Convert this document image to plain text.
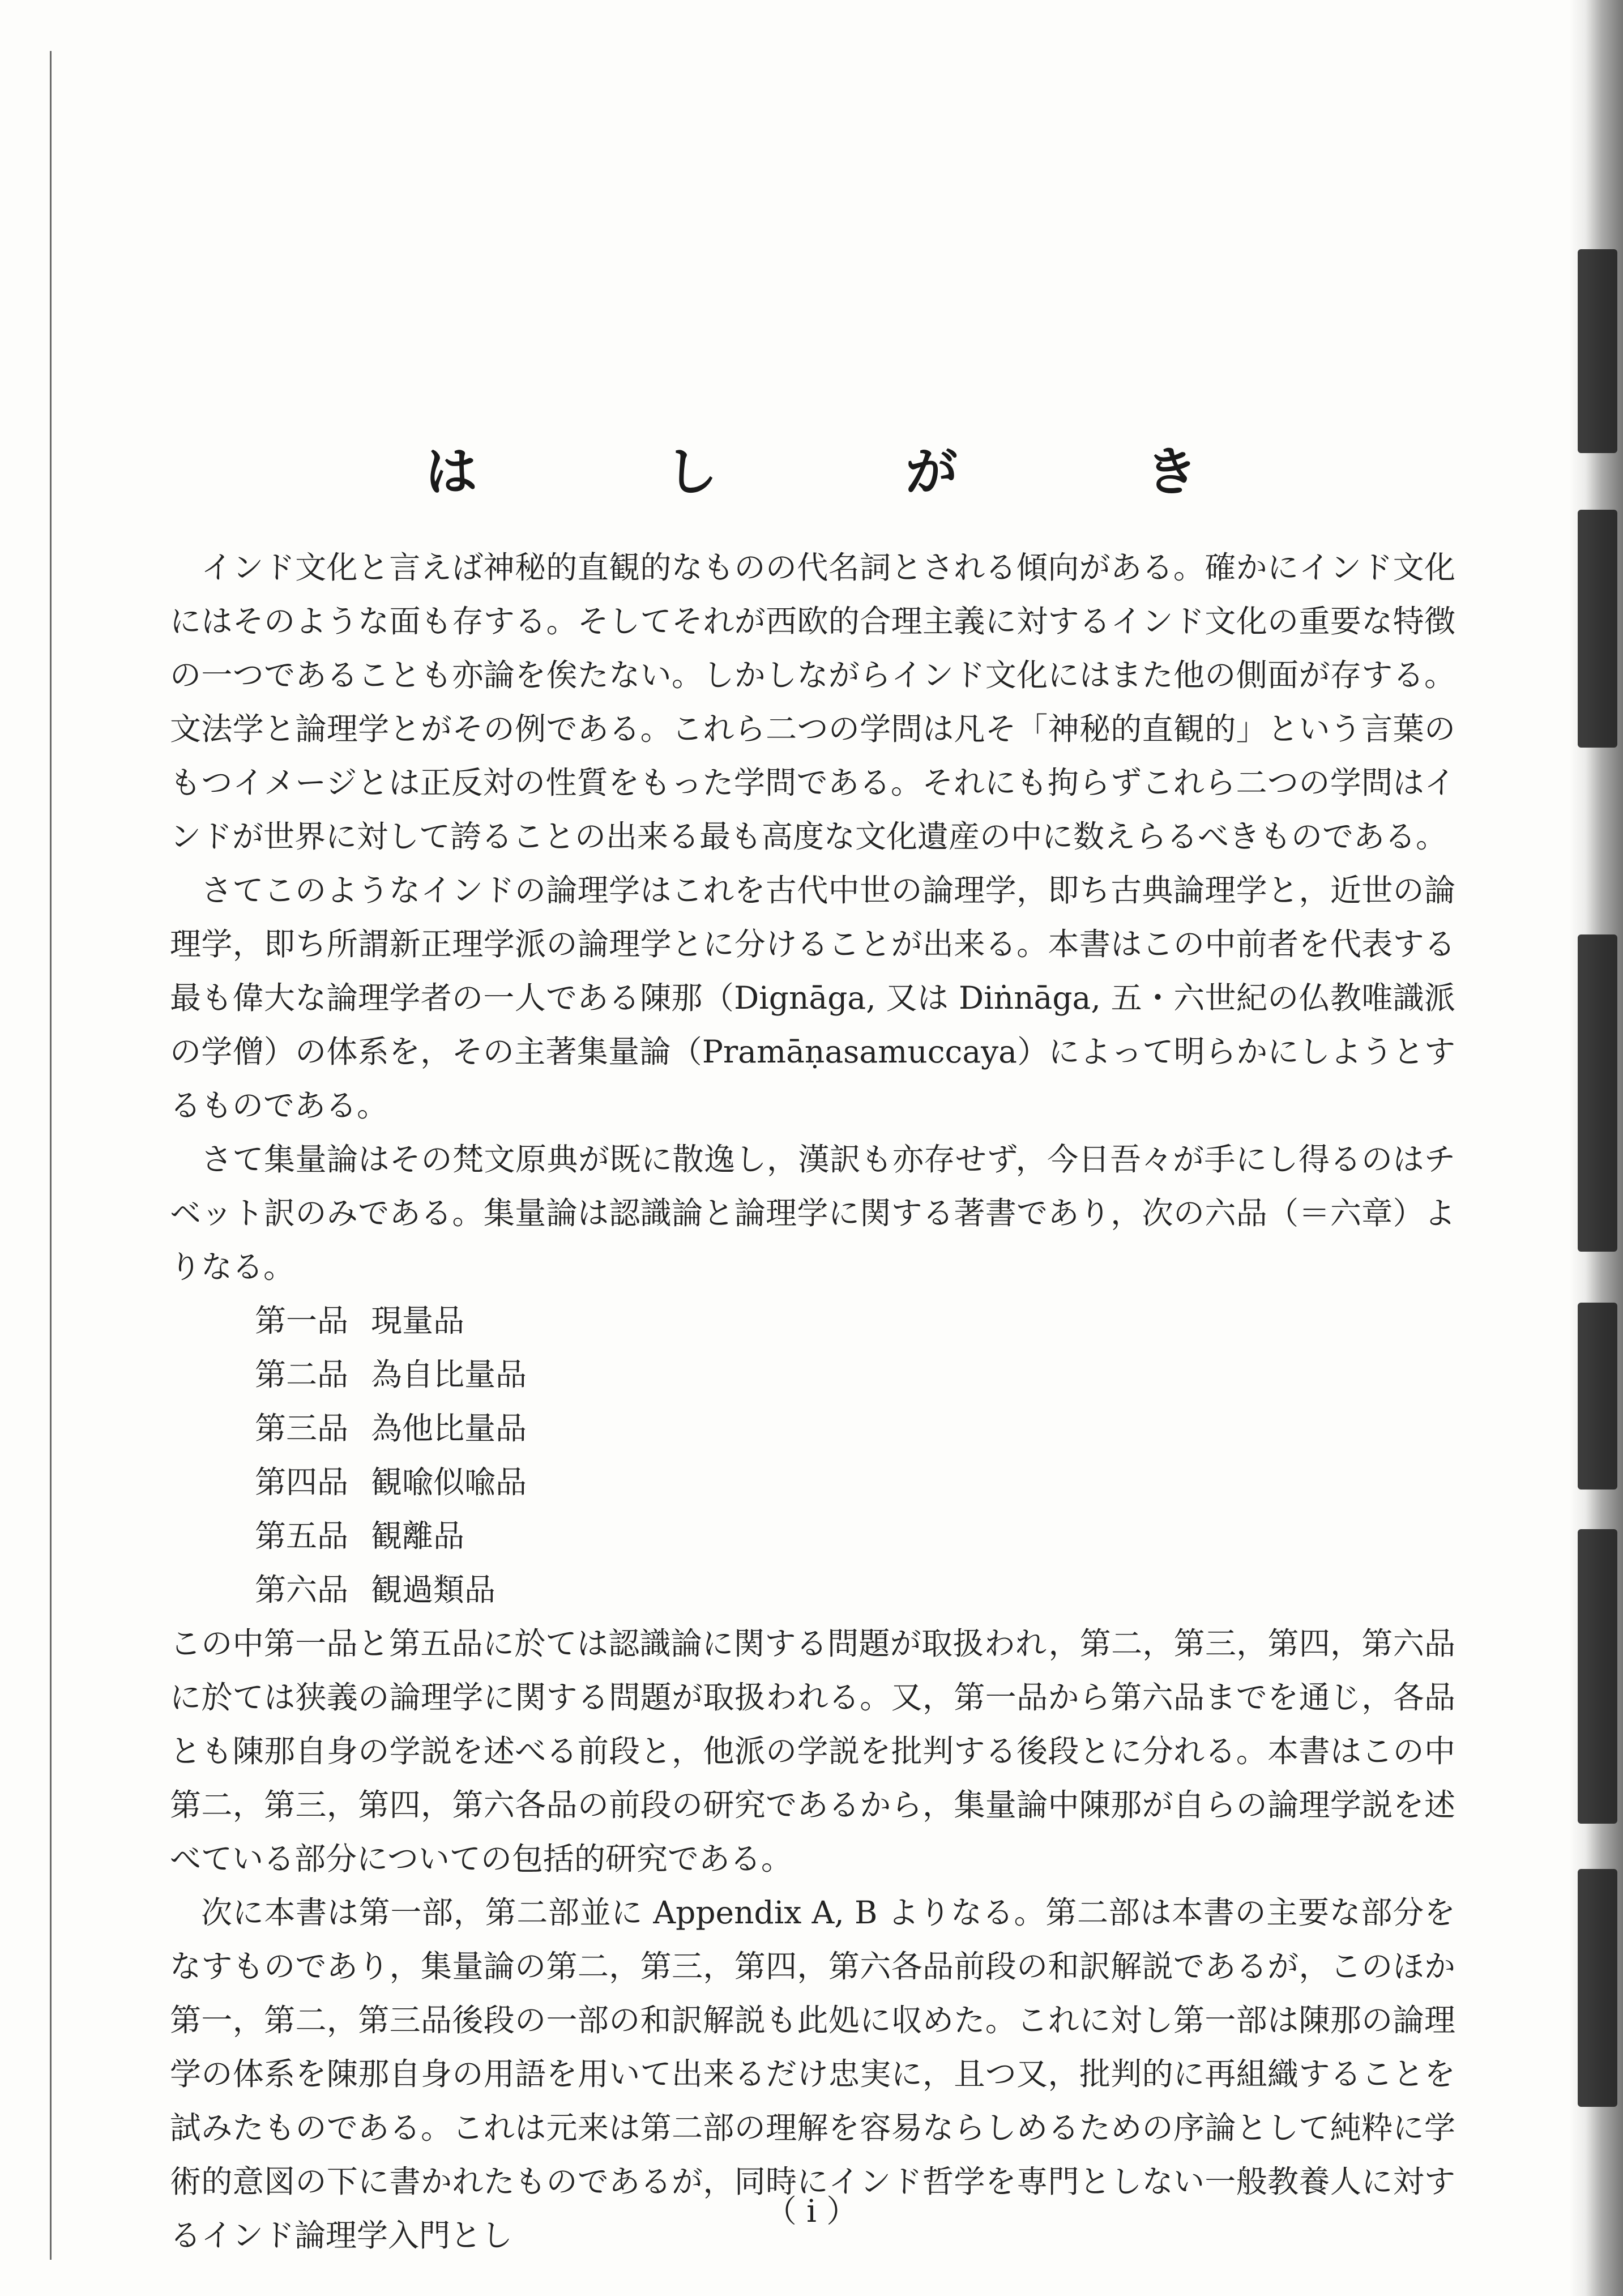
は　し　が　き

インド文化と言えば神秘的直観的なものの代名詞とされる傾向がある。確かにインド文化にはそのような面も存する。そしてそれが西欧的合理主義に対するインド文化の重要な特徴の一つであることも亦論を俟たない。しかしながらインド文化にはまた他の側面が存する。文法学と論理学とがその例である。これら二つの学問は凡そ「神秘的直観的」という言葉のもつイメージとは正反対の性質をもった学問である。それにも拘らずこれら二つの学問はインドが世界に対して誇ることの出来る最も高度な文化遺産の中に数えらるべきものである。

さてこのようなインドの論理学はこれを古代中世の論理学，即ち古典論理学と，近世の論理学，即ち所謂新正理学派の論理学とに分けることが出来る。本書はこの中前者を代表する最も偉大な論理学者の一人である陳那（Dignāga, 又は Diṅnāga, 五・六世紀の仏教唯識派の学僧）の体系を，その主著集量論（Pramāṇasamuccaya）によって明らかにしようとするものである。

さて集量論はその梵文原典が既に散逸し，漢訳も亦存せず，今日吾々が手にし得るのはチベット訳のみである。集量論は認識論と論理学に関する著書であり，次の六品（＝六章）よりなる。

第一品 現量品
第二品 為自比量品
第三品 為他比量品
第四品 観喩似喩品
第五品 観離品
第六品 観過類品

この中第一品と第五品に於ては認識論に関する問題が取扱われ，第二，第三，第四，第六品に於ては狭義の論理学に関する問題が取扱われる。又，第一品から第六品までを通じ，各品とも陳那自身の学説を述べる前段と，他派の学説を批判する後段とに分れる。本書はこの中第二，第三，第四，第六各品の前段の研究であるから，集量論中陳那が自らの論理学説を述べている部分についての包括的研究である。

次に本書は第一部，第二部並に Appendix A, B よりなる。第二部は本書の主要な部分をなすものであり，集量論の第二，第三，第四，第六各品前段の和訳解説であるが，このほか第一，第二，第三品後段の一部の和訳解説も此処に収めた。これに対し第一部は陳那の論理学の体系を陳那自身の用語を用いて出来るだけ忠実に，且つ又，批判的に再組織することを試みたものである。これは元来は第二部の理解を容易ならしめるための序論として純粋に学術的意図の下に書かれたものであるが，同時にインド哲学を専門としない一般教養人に対するインド論理学入門とし

（ i ）
